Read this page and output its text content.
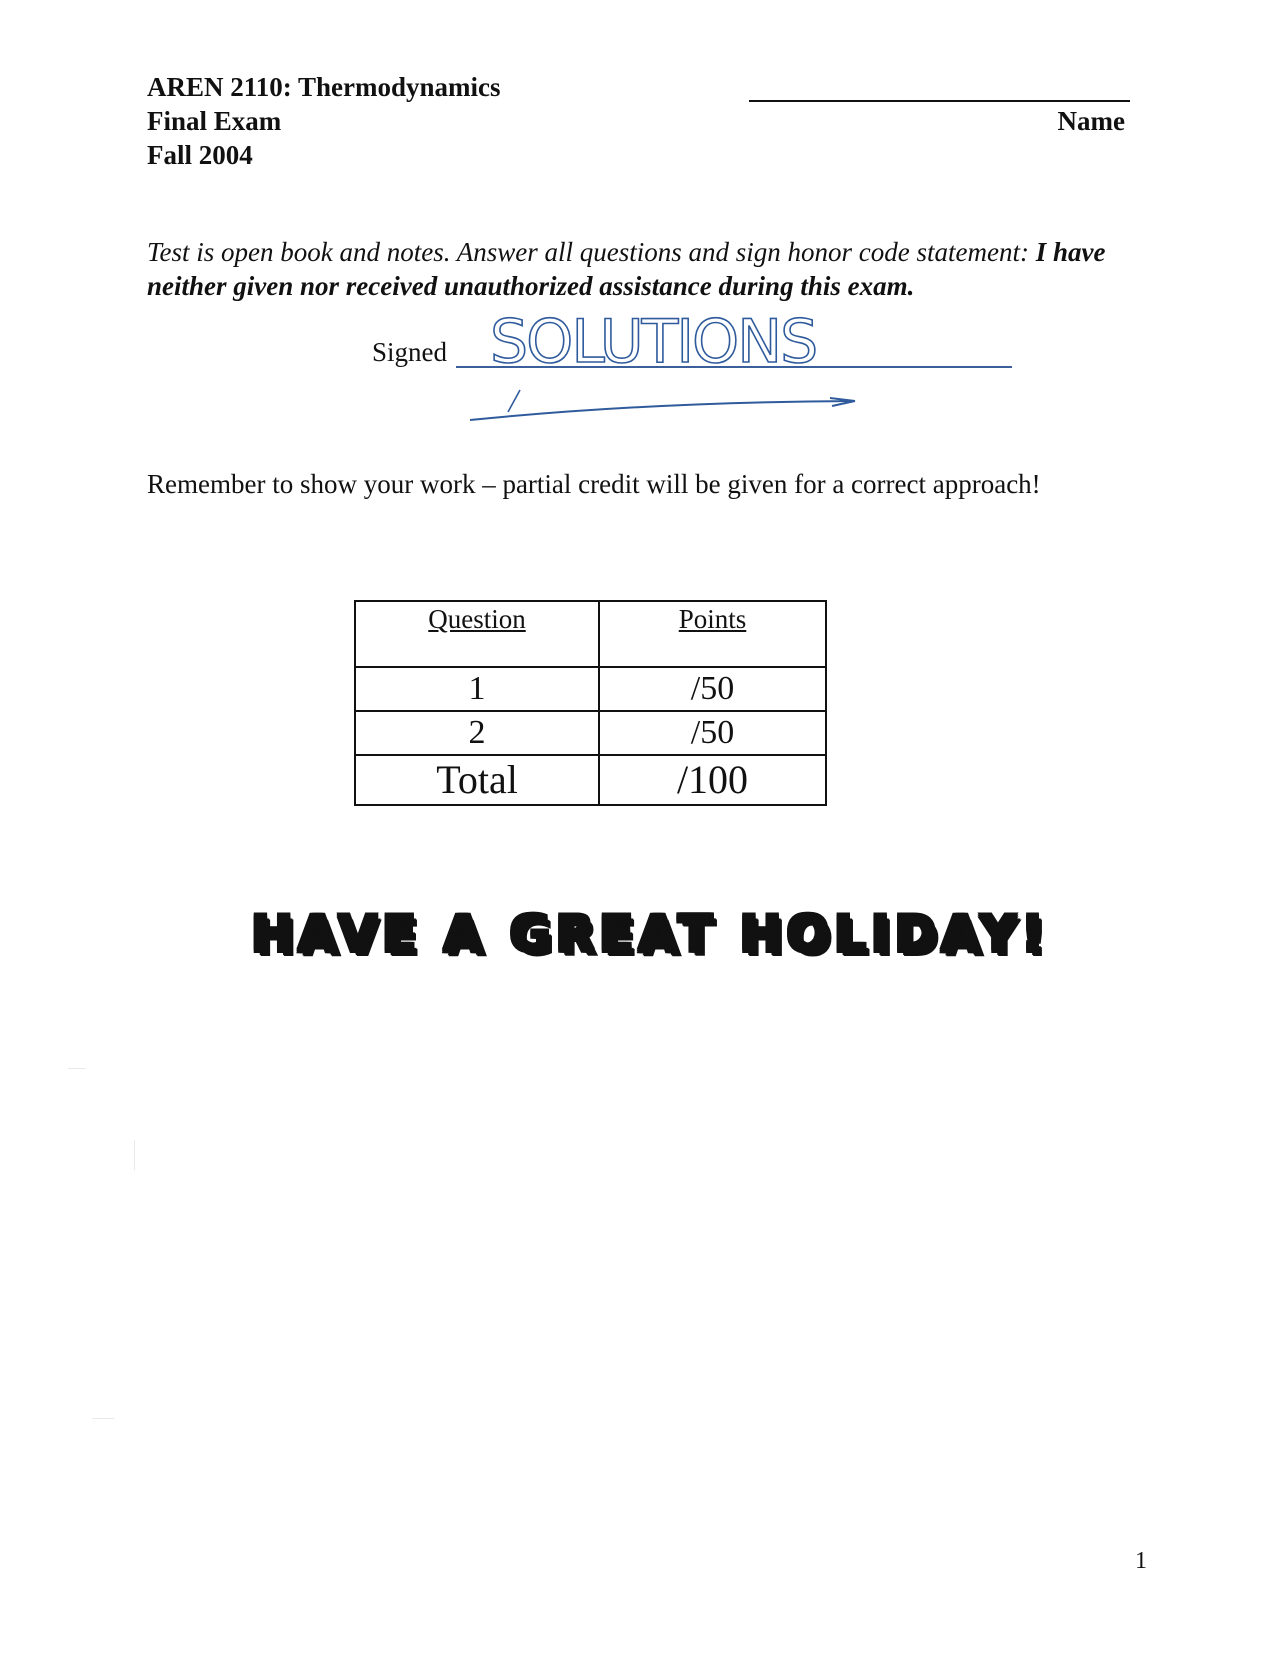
AREN 2110: Thermodynamics
Final Exam
Fall 2004
Name
Test is open book and notes. Answer all questions and sign honor code statement: I have neither given nor received unauthorized assistance during this exam.
Signed SOLUTIONS
Remember to show your work – partial credit will be given for a correct approach!
Question	Points
1	/50
2	/50
Total	/100
HAVE A GREAT HOLIDAY!
1
